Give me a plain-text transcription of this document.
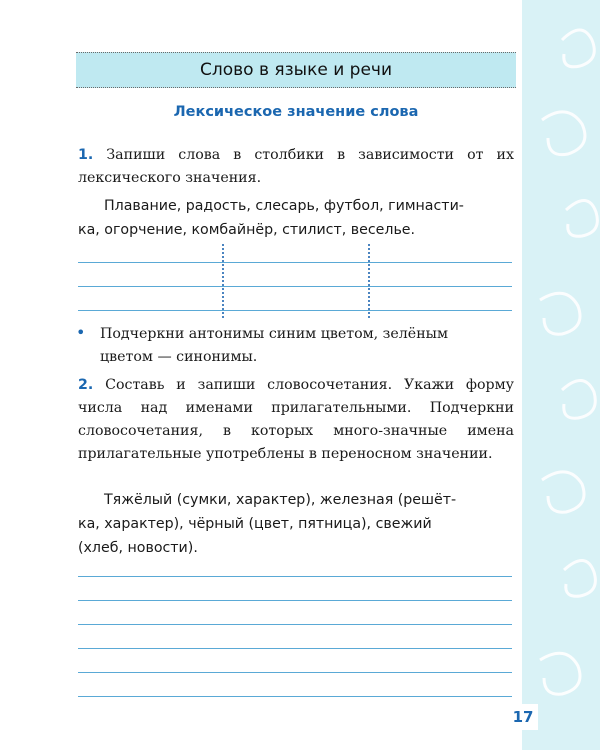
Слово в языке и речи
Лексическое значение слова
1. Запиши слова в столбики в зависимости от их лексического значения.
Плавание, радость, слесарь, футбол, гимнасти-
ка, огорчение, комбайнёр, стилист, веселье.
• Подчеркни антонимы синим цветом, зелёным
цветом — синонимы.
2. Составь и запиши словосочетания. Укажи форму числа над именами прилагательными. Подчеркни словосочетания, в которых много-значные имена прилагательные употреблены в переносном значении.
Тяжёлый (сумки, характер), железная (решёт-
ка, характер), чёрный (цвет, пятница), свежий
(хлеб, новости).
17
